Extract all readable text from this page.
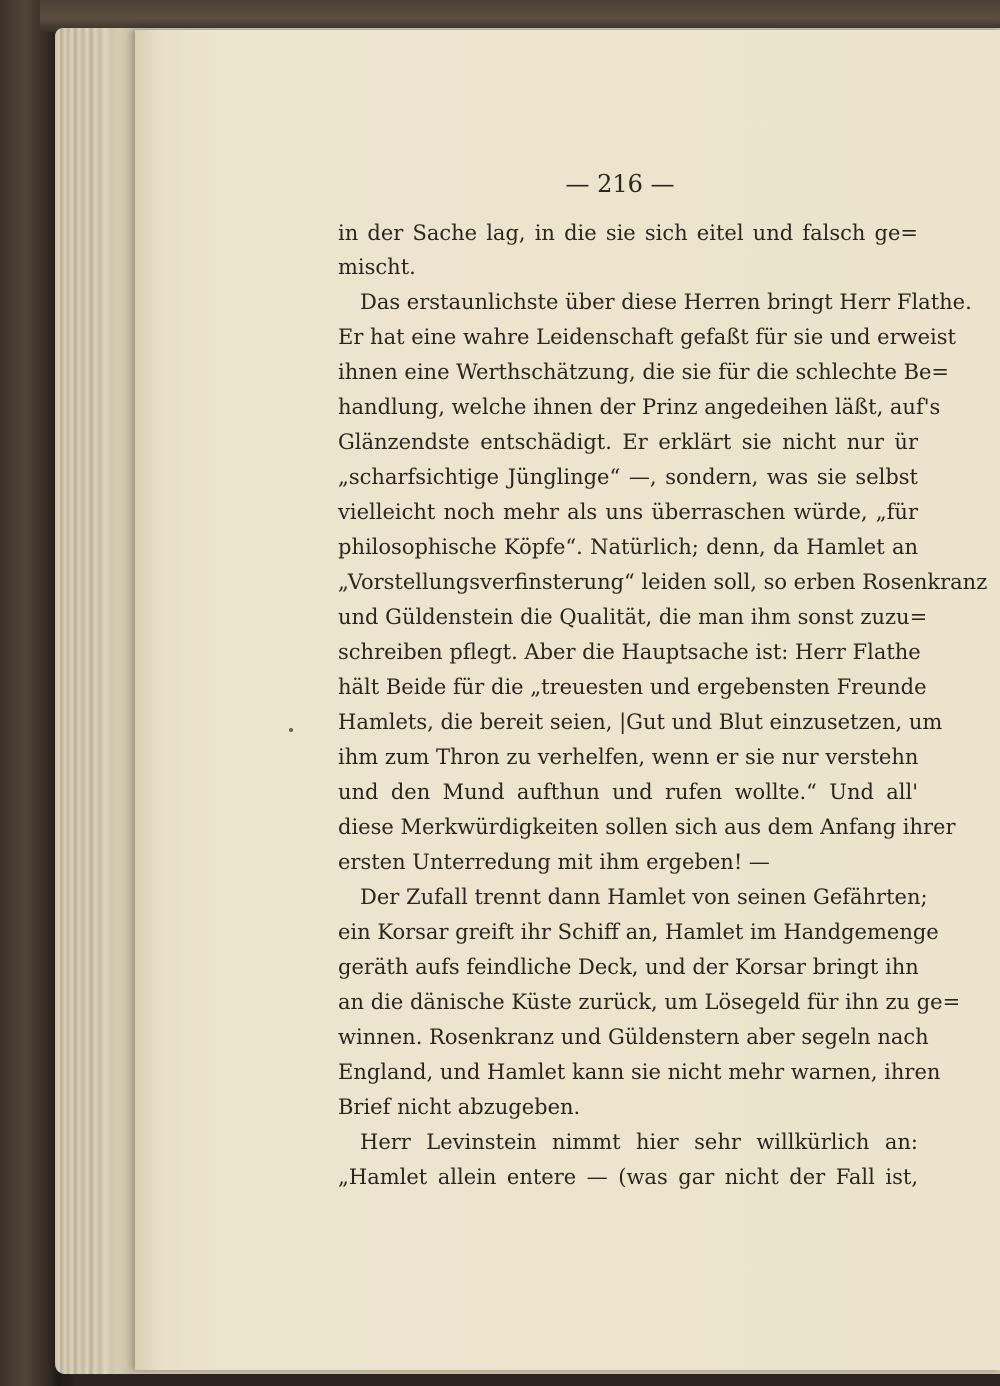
— 216 —
in der Sache lag, in die sie sich eitel und falsch ge=
mischt.
Das erstaunlichste über diese Herren bringt Herr Flathe.
Er hat eine wahre Leidenschaft gefaßt für sie und erweist
ihnen eine Werthschätzung, die sie für die schlechte Be=
handlung, welche ihnen der Prinz angedeihen läßt, auf's
Glänzendste entschädigt. Er erklärt sie nicht nur ür
„scharfsichtige Jünglinge“ —, sondern, was sie selbst
vielleicht noch mehr als uns überraschen würde, „für
philosophische Köpfe“. Natürlich; denn, da Hamlet an
„Vorstellungsverfinsterung“ leiden soll, so erben Rosenkranz
und Güldenstein die Qualität, die man ihm sonst zuzu=
schreiben pflegt. Aber die Hauptsache ist: Herr Flathe
hält Beide für die „treuesten und ergebensten Freunde
Hamlets, die bereit seien, |Gut und Blut einzusetzen, um
ihm zum Thron zu verhelfen, wenn er sie nur verstehn
und den Mund aufthun und rufen wollte.“ Und all'
diese Merkwürdigkeiten sollen sich aus dem Anfang ihrer
ersten Unterredung mit ihm ergeben! —
Der Zufall trennt dann Hamlet von seinen Gefährten;
ein Korsar greift ihr Schiff an, Hamlet im Handgemenge
geräth aufs feindliche Deck, und der Korsar bringt ihn
an die dänische Küste zurück, um Lösegeld für ihn zu ge=
winnen. Rosenkranz und Güldenstern aber segeln nach
England, und Hamlet kann sie nicht mehr warnen, ihren
Brief nicht abzugeben.
Herr Levinstein nimmt hier sehr willkürlich an:
„Hamlet allein entere — (was gar nicht der Fall ist,
